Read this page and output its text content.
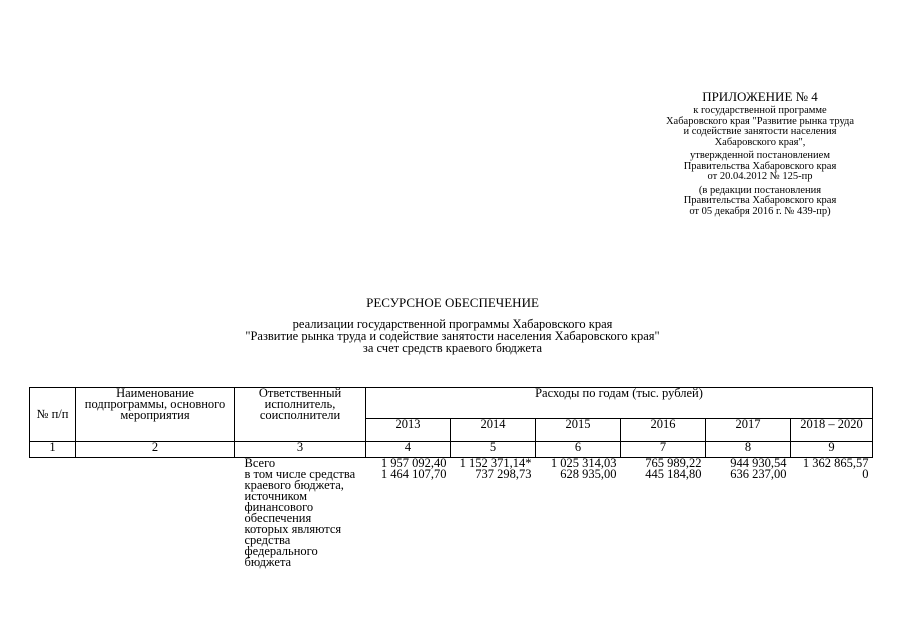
ПРИЛОЖЕНИЕ № 4
к государственной программе
Хабаровского края "Развитие рынка труда
и содействие занятости населения
Хабаровского края",
утвержденной постановлением
Правительства Хабаровского края
от 20.04.2012 № 125-пр
(в редакции постановления
Правительства Хабаровского края
от 05 декабря 2016 г. № 439-пр)
РЕСУРСНОЕ ОБЕСПЕЧЕНИЕ
реализации государственной программы Хабаровского края
"Развитие рынка труда и содействие занятости населения Хабаровского края"
за счет средств краевого бюджета
№ п/п	Наименование подпрограммы, основного мероприятия	Ответственный исполнитель, соисполнители	Расходы по годам (тыс. рублей)					
			2013	2014	2015	2016	2017	2018 – 2020
1	2	3	4	5	6	7	8	9
		Всего	1 957 092,40	1 152 371,14*	1 025 314,03	765 989,22	944 930,54	1 362 865,57

		в том числе средства краевого бюджета, источником финансового обеспечения которых являются средства федерального бюджета	1 464 107,70	737 298,73	628 935,00	445 184,80	636 237,00	0
